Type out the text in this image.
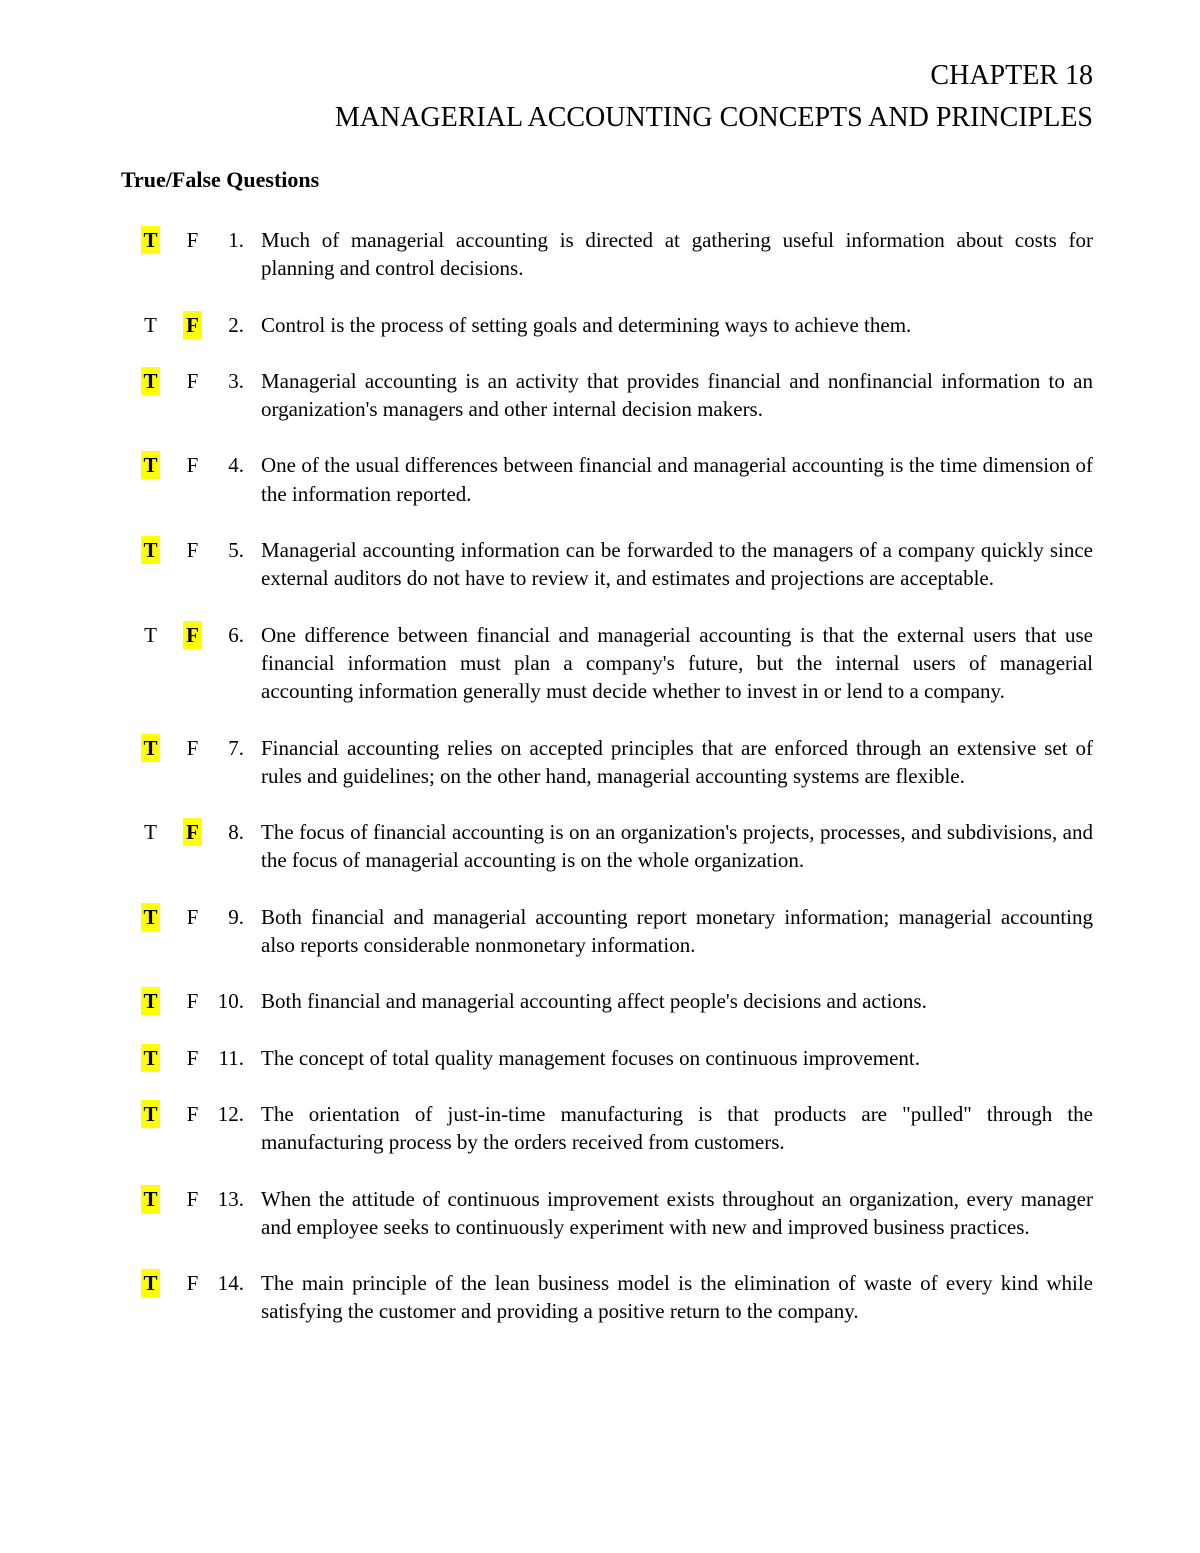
CHAPTER 18
MANAGERIAL ACCOUNTING CONCEPTS AND PRINCIPLES
True/False Questions
T F 1. Much of managerial accounting is directed at gathering useful information about costs for planning and control decisions.
T F 2. Control is the process of setting goals and determining ways to achieve them.
T F 3. Managerial accounting is an activity that provides financial and nonfinancial information to an organization's managers and other internal decision makers.
T F 4. One of the usual differences between financial and managerial accounting is the time dimension of the information reported.
T F 5. Managerial accounting information can be forwarded to the managers of a company quickly since external auditors do not have to review it, and estimates and projections are acceptable.
T F 6. One difference between financial and managerial accounting is that the external users that use financial information must plan a company's future, but the internal users of managerial accounting information generally must decide whether to invest in or lend to a company.
T F 7. Financial accounting relies on accepted principles that are enforced through an extensive set of rules and guidelines; on the other hand, managerial accounting systems are flexible.
T F 8. The focus of financial accounting is on an organization's projects, processes, and subdivisions, and the focus of managerial accounting is on the whole organization.
T F 9. Both financial and managerial accounting report monetary information; managerial accounting also reports considerable nonmonetary information.
T F 10. Both financial and managerial accounting affect people's decisions and actions.
T F 11. The concept of total quality management focuses on continuous improvement.
T F 12. The orientation of just-in-time manufacturing is that products are "pulled" through the manufacturing process by the orders received from customers.
T F 13. When the attitude of continuous improvement exists throughout an organization, every manager and employee seeks to continuously experiment with new and improved business practices.
T F 14. The main principle of the lean business model is the elimination of waste of every kind while satisfying the customer and providing a positive return to the company.
